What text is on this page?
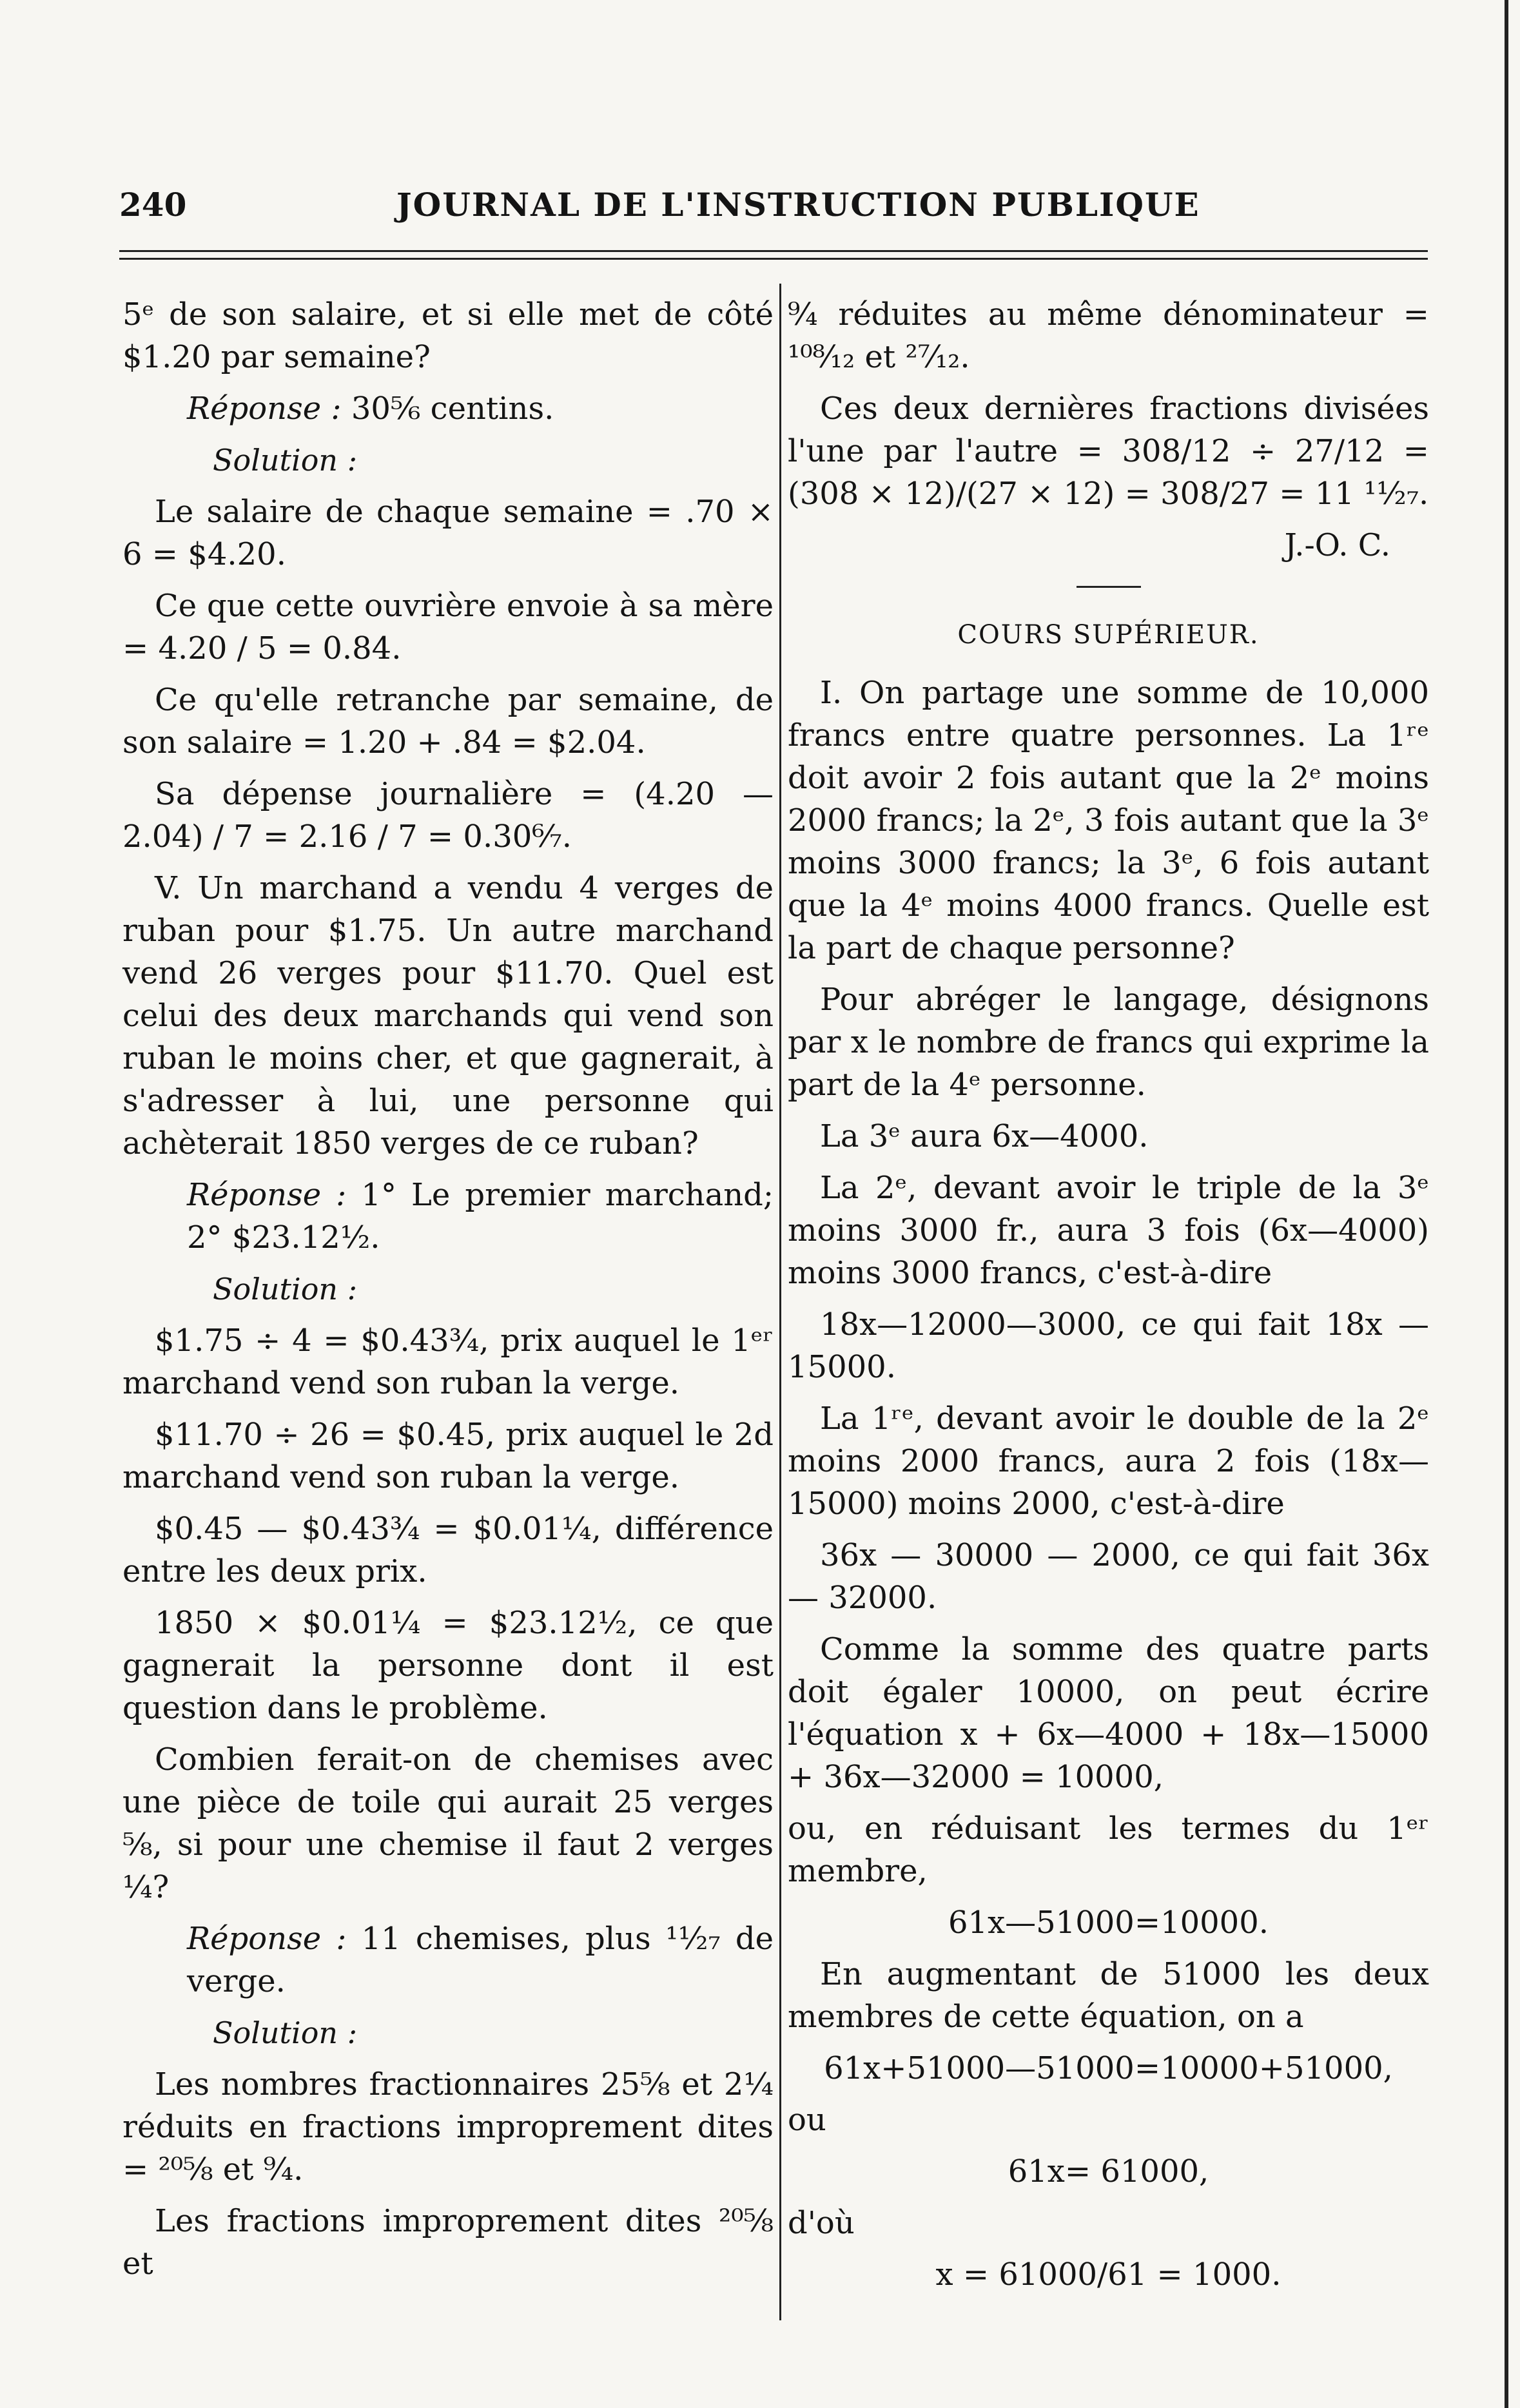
240	JOURNAL DE L'INSTRUCTION PUBLIQUE

5ᵉ de son salaire, et si elle met de côté $1.20 par semaine?

Réponse : 30⅚ centins.

Solution :

Le salaire de chaque semaine = .70 × 6 = $4.20.

Ce que cette ouvrière envoie à sa mère = 4.20 / 5 = 0.84.

Ce qu'elle retranche par semaine, de son salaire = 1.20 + .84 = $2.04.

Sa dépense journalière = (4.20 — 2.04) / 7 = 2.16 / 7 = 0.30⁶⁄₇.

V. Un marchand a vendu 4 verges de ruban pour $1.75. Un autre marchand vend 26 verges pour $11.70. Quel est celui des deux marchands qui vend son ruban le moins cher, et que gagnerait, à s'adresser à lui, une personne qui achèterait 1850 verges de ce ruban?

Réponse : 1° Le premier marchand; 2° $23.12½.

Solution :

$1.75 ÷ 4 = $0.43¾, prix auquel le 1ᵉʳ marchand vend son ruban la verge.

$11.70 ÷ 26 = $0.45, prix auquel le 2d marchand vend son ruban la verge.

$0.45 — $0.43¾ = $0.01¼, différence entre les deux prix.

1850 × $0.01¼ = $23.12½, ce que gagnerait la personne dont il est question dans le problème.

Combien ferait-on de chemises avec une pièce de toile qui aurait 25 verges ⅝, si pour une chemise il faut 2 verges ¼?

Réponse : 11 chemises, plus ¹¹⁄₂₇ de verge.

Solution :

Les nombres fractionnaires 25⅝ et 2¼ réduits en fractions improprement dites = ²⁰⁵⁄₈ et ⁹⁄₄.

Les fractions improprement dites ²⁰⁵⁄₈ et

⁹⁄₄ réduites au même dénominateur = ¹⁰⁸⁄₁₂ et ²⁷⁄₁₂.

Ces deux dernières fractions divisées l'une par l'autre = 308/12 ÷ 27/12 = (308 × 12)/(27 × 12) = 308/27 = 11 ¹¹⁄₂₇.

J.-O. C.

COURS SUPÉRIEUR.

I. On partage une somme de 10,000 francs entre quatre personnes. La 1ʳᵉ doit avoir 2 fois autant que la 2ᵉ moins 2000 francs; la 2ᵉ, 3 fois autant que la 3ᵉ moins 3000 francs; la 3ᵉ, 6 fois autant que la 4ᵉ moins 4000 francs. Quelle est la part de chaque personne?

Pour abréger le langage, désignons par x le nombre de francs qui exprime la part de la 4ᵉ personne.

La 3ᵉ aura 6x—4000.

La 2ᵉ, devant avoir le triple de la 3ᵉ moins 3000 fr., aura 3 fois (6x—4000) moins 3000 francs, c'est-à-dire

18x—12000—3000, ce qui fait 18x — 15000.

La 1ʳᵉ, devant avoir le double de la 2ᵉ moins 2000 francs, aura 2 fois (18x—15000) moins 2000, c'est-à-dire

36x — 30000 — 2000, ce qui fait 36x — 32000.

Comme la somme des quatre parts doit égaler 10000, on peut écrire l'équation x + 6x—4000 + 18x—15000 + 36x—32000 = 10000,

ou, en réduisant les termes du 1ᵉʳ membre,

61x—51000=10000.

En augmentant de 51000 les deux membres de cette équation, on a

61x+51000—51000=10000+51000,

ou

61x= 61000,

d'où

x = 61000/61 = 1000.
